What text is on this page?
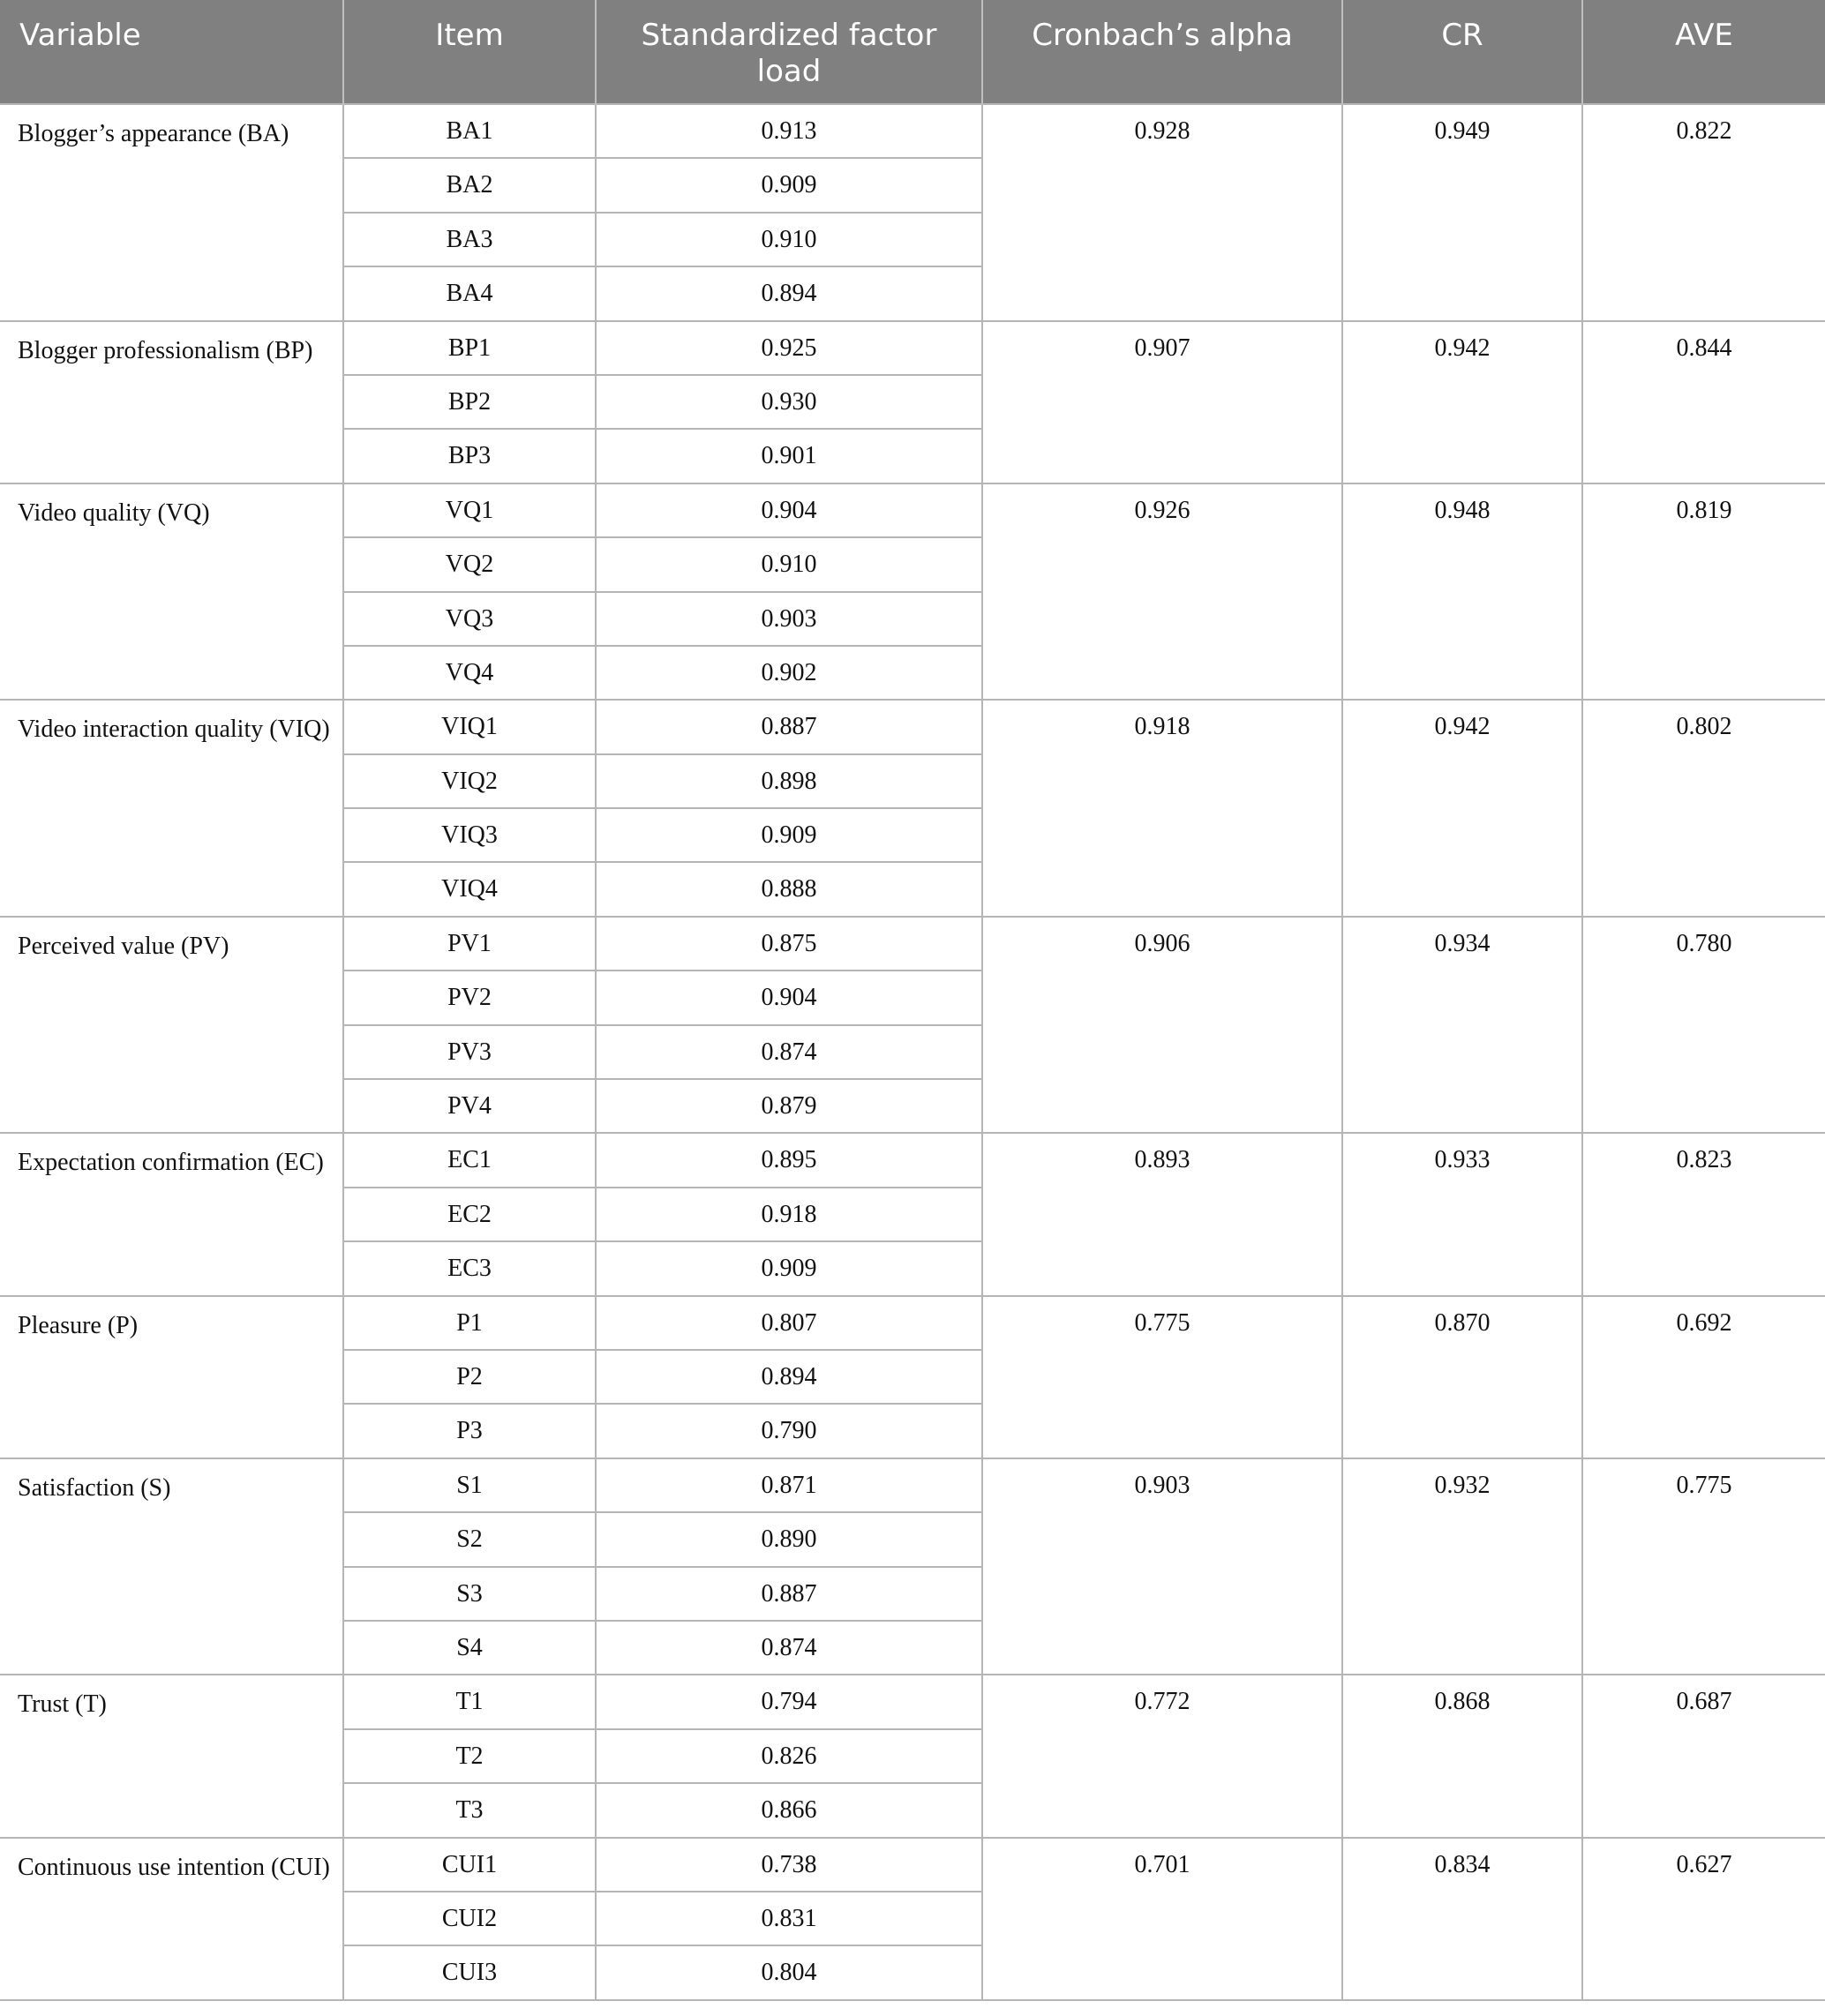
Variable	Item	Standardized factor load	Cronbach’s alpha	CR	AVE

Blogger’s appearance (BA)	BA1	0.913	0.928	0.949	0.822
	BA2	0.909			
	BA3	0.910			
	BA4	0.894			

Blogger professionalism (BP)	BP1	0.925	0.907	0.942	0.844
	BP2	0.930			
	BP3	0.901			

Video quality (VQ)	VQ1	0.904	0.926	0.948	0.819
	VQ2	0.910			
	VQ3	0.903			
	VQ4	0.902			

Video interaction quality (VIQ)	VIQ1	0.887	0.918	0.942	0.802
	VIQ2	0.898			
	VIQ3	0.909			
	VIQ4	0.888			

Perceived value (PV)	PV1	0.875	0.906	0.934	0.780
	PV2	0.904			
	PV3	0.874			
	PV4	0.879			

Expectation confirmation (EC)	EC1	0.895	0.893	0.933	0.823
	EC2	0.918			
	EC3	0.909			

Pleasure (P)	P1	0.807	0.775	0.870	0.692
	P2	0.894			
	P3	0.790			

Satisfaction (S)	S1	0.871	0.903	0.932	0.775
	S2	0.890			
	S3	0.887			
	S4	0.874			

Trust (T)	T1	0.794	0.772	0.868	0.687
	T2	0.826			
	T3	0.866			

Continuous use intention (CUI)	CUI1	0.738	0.701	0.834	0.627
	CUI2	0.831			
	CUI3	0.804			
